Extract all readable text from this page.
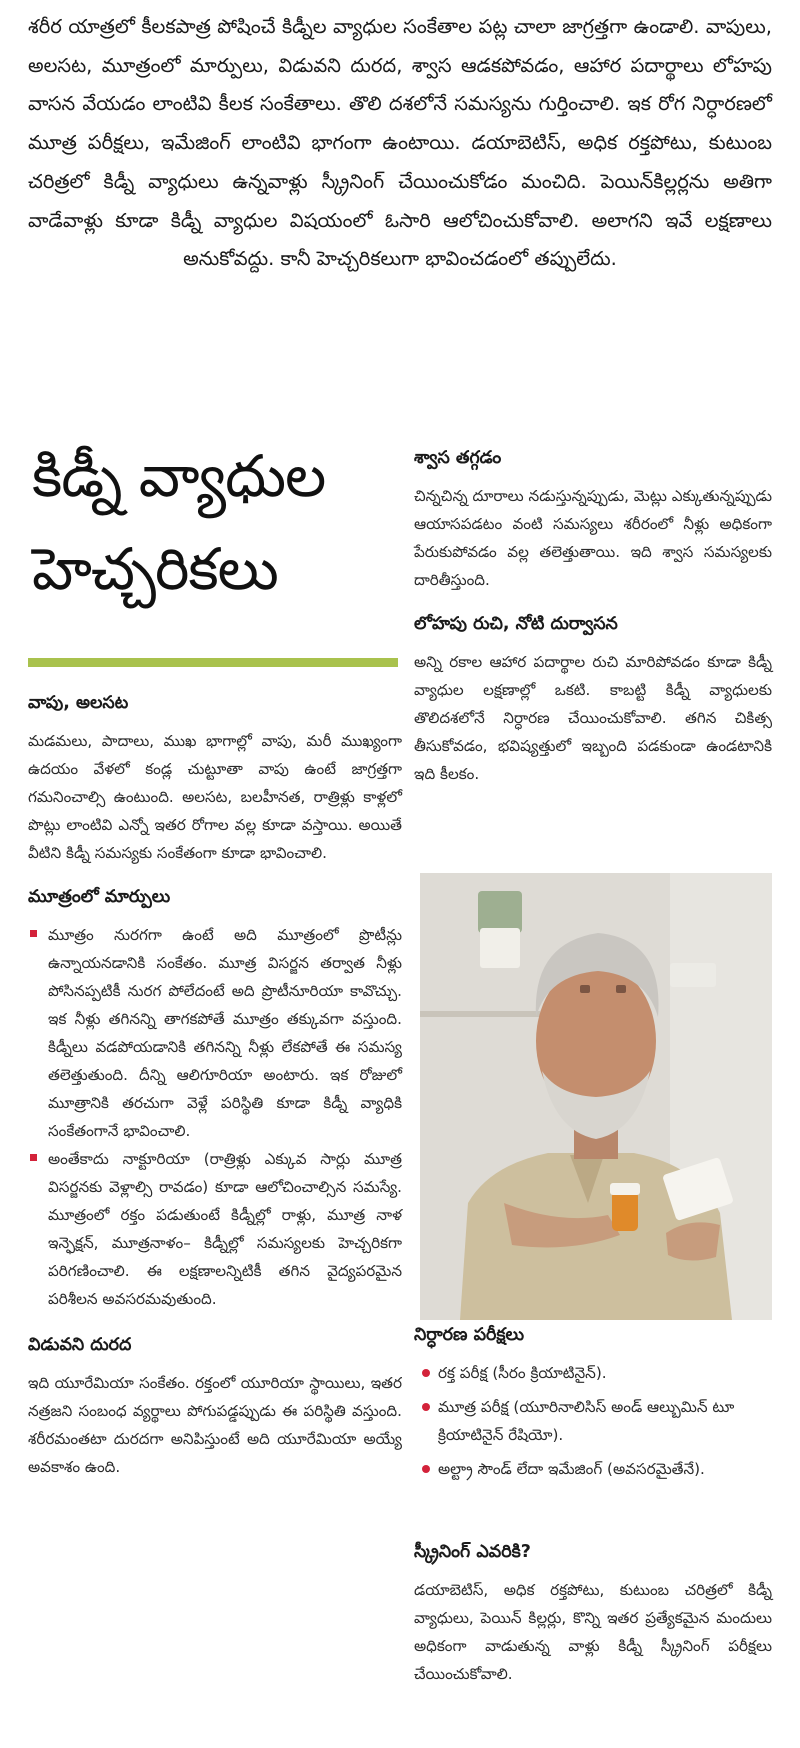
శరీర యాత్రలో కీలకపాత్ర పోషించే కిడ్నీల వ్యాధుల సంకేతాల పట్ల చాలా జాగ్రత్తగా ఉండాలి. వాపులు, అలసట, మూత్రంలో మార్పులు, విడువని దురద, శ్వాస ఆడకపోవడం, ఆహార పదార్థాలు లోహపు వాసన వేయడం లాంటివి కీలక సంకేతాలు. తొలి దశలోనే సమస్యను గుర్తించాలి. ఇక రోగ నిర్ధారణలో మూత్ర పరీక్షలు, ఇమేజింగ్ లాంటివి భాగంగా ఉంటాయి. డయాబెటిస్, అధిక రక్తపోటు, కుటుంబ చరిత్రలో కిడ్నీ వ్యాధులు ఉన్నవాళ్లు స్క్రీనింగ్ చేయించుకోడం మంచిది. పెయిన్‌కిల్లర్లను అతిగా వాడేవాళ్లు కూడా కిడ్నీ వ్యాధుల విషయంలో ఓసారి ఆలోచించుకోవాలి. అలాగని ఇవే లక్షణాలు అనుకోవద్దు. కానీ హెచ్చరికలుగా భావించడంలో తప్పులేదు.
కిడ్నీ వ్యాధుల
హెచ్చరికలు
వాపు, అలసట

మడమలు, పాదాలు, ముఖ భాగాల్లో వాపు, మరీ ముఖ్యంగా ఉదయం వేళలో కండ్ల చుట్టూతా వాపు ఉంటే జాగ్రత్తగా గమనించాల్సి ఉంటుంది. అలసట, బలహీనత, రాత్రిళ్లు కాళ్లలో పొట్లు లాంటివి ఎన్నో ఇతర రోగాల వల్ల కూడా వస్తాయి. అయితే వీటిని కిడ్నీ సమస్యకు సంకేతంగా కూడా భావించాలి.

మూత్రంలో మార్పులు
మూత్రం నురగగా ఉంటే అది మూత్రంలో ప్రొటీన్లు ఉన్నాయనడానికి సంకేతం. మూత్ర విసర్జన తర్వాత నీళ్లు పోసినప్పటికీ నురగ పోలేదంటే అది ప్రొటీనూరియా కావొచ్చు. ఇక నీళ్లు తగినన్ని తాగకపోతే మూత్రం తక్కువగా వస్తుంది. కిడ్నీలు వడపోయడానికి తగినన్ని నీళ్లు లేకపోతే ఈ సమస్య తలెత్తుతుంది. దీన్ని ఆలిగూరియా అంటారు. ఇక రోజులో మూత్రానికి తరచుగా వెళ్లే పరిస్థితి కూడా కిడ్నీ వ్యాధికి సంకేతంగానే భావించాలి.
అంతేకాదు నాక్టూరియా (రాత్రిళ్లు ఎక్కువ సార్లు మూత్ర విసర్జనకు వెళ్లాల్సి రావడం) కూడా ఆలోచించాల్సిన సమస్యే. మూత్రంలో రక్తం పడుతుంటే కిడ్నీల్లో రాళ్లు, మూత్ర నాళ ఇన్ఫెక్షన్, మూత్రనాళం– కిడ్నీల్లో సమస్యలకు హెచ్చరికగా పరిగణించాలి. ఈ లక్షణాలన్నిటికీ తగిన వైద్యపరమైన పరిశీలన అవసరమవుతుంది.
విడువని దురద

ఇది యూరేమియా సంకేతం. రక్తంలో యూరియా స్థాయిలు, ఇతర నత్రజని సంబంధ వ్యర్థాలు పోగుపడ్డప్పుడు ఈ పరిస్థితి వస్తుంది. శరీరమంతటా దురదగా అనిపిస్తుంటే అది యూరేమియా అయ్యే అవకాశం ఉంది.

శ్వాస తగ్గడం

చిన్నచిన్న దూరాలు నడుస్తున్నప్పుడు, మెట్లు ఎక్కుతున్నప్పుడు ఆయాసపడటం వంటి సమస్యలు శరీరంలో నీళ్లు అధికంగా పేరుకుపోవడం వల్ల తలెత్తుతాయి. ఇది శ్వాస సమస్యలకు దారితీస్తుంది.

లోహపు రుచి, నోటి దుర్వాసన

అన్ని రకాల ఆహార పదార్థాల రుచి మారిపోవడం కూడా కిడ్నీ వ్యాధుల లక్షణాల్లో ఒకటి. కాబట్టి కిడ్నీ వ్యాధులకు తొలిదశలోనే నిర్ధారణ చేయించుకోవాలి. తగిన చికిత్స తీసుకోవడం, భవిష్యత్తులో ఇబ్బంది పడకుండా ఉండటానికి ఇది కీలకం.

నిర్ధారణ పరీక్షలు
రక్త పరీక్ష (సీరం క్రియాటినైన్).
మూత్ర పరీక్ష (యూరినాలిసిస్ అండ్ ఆల్బుమిన్ టూ క్రియాటినైన్ రేషియో).
అల్ట్రా సౌండ్ లేదా ఇమేజింగ్ (అవసరమైతేనే).
స్క్రీనింగ్ ఎవరికి?

డయాబెటిస్, అధిక రక్తపోటు, కుటుంబ చరిత్రలో కిడ్నీ వ్యాధులు, పెయిన్ కిల్లర్లు, కొన్ని ఇతర ప్రత్యేకమైన మందులు అధికంగా వాడుతున్న వాళ్లు కిడ్నీ స్క్రీనింగ్ పరీక్షలు చేయించుకోవాలి.
